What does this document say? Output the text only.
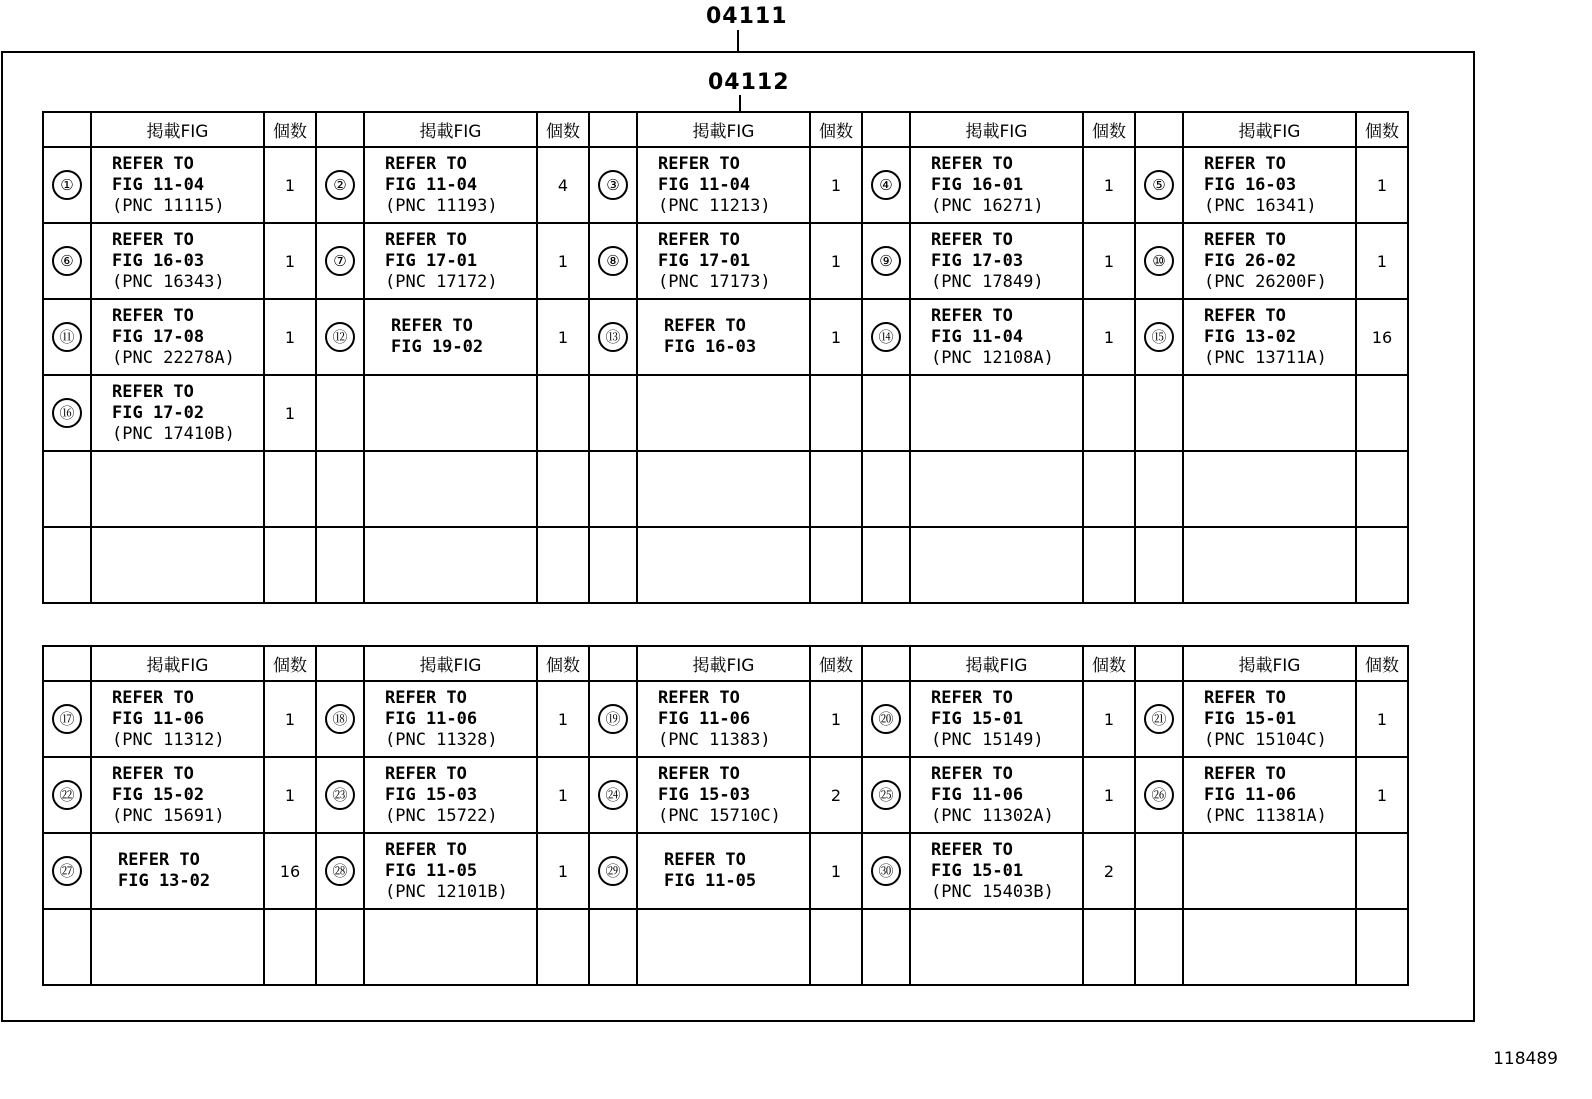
04111
04112
	掲載FIG	個数		掲載FIG	個数		掲載FIG	個数		掲載FIG	個数		掲載FIG	個数
①	REFER TO
FIG 11-04
(PNC 11115)	1	②	REFER TO
FIG 11-04
(PNC 11193)	4	③	REFER TO
FIG 11-04
(PNC 11213)	1	④	REFER TO
FIG 16-01
(PNC 16271)	1	⑤	REFER TO
FIG 16-03
(PNC 16341)	1
⑥	REFER TO
FIG 16-03
(PNC 16343)	1	⑦	REFER TO
FIG 17-01
(PNC 17172)	1	⑧	REFER TO
FIG 17-01
(PNC 17173)	1	⑨	REFER TO
FIG 17-03
(PNC 17849)	1	⑩	REFER TO
FIG 26-02
(PNC 26200F)	1
⑪	REFER TO
FIG 17-08
(PNC 22278A)	1	⑫	REFER TO
FIG 19-02	1	⑬	REFER TO
FIG 16-03	1	⑭	REFER TO
FIG 11-04
(PNC 12108A)	1	⑮	REFER TO
FIG 13-02
(PNC 13711A)	16
⑯	REFER TO
FIG 17-02
(PNC 17410B)	1												

	掲載FIG	個数		掲載FIG	個数		掲載FIG	個数		掲載FIG	個数		掲載FIG	個数
⑰	REFER TO
FIG 11-06
(PNC 11312)	1	⑱	REFER TO
FIG 11-06
(PNC 11328)	1	⑲	REFER TO
FIG 11-06
(PNC 11383)	1	⑳	REFER TO
FIG 15-01
(PNC 15149)	1	㉑	REFER TO
FIG 15-01
(PNC 15104C)	1
㉒	REFER TO
FIG 15-02
(PNC 15691)	1	㉓	REFER TO
FIG 15-03
(PNC 15722)	1	㉔	REFER TO
FIG 15-03
(PNC 15710C)	2	㉕	REFER TO
FIG 11-06
(PNC 11302A)	1	㉖	REFER TO
FIG 11-06
(PNC 11381A)	1
㉗	REFER TO
FIG 13-02	16	㉘	REFER TO
FIG 11-05
(PNC 12101B)	1	㉙	REFER TO
FIG 11-05	1	㉚	REFER TO
FIG 15-01
(PNC 15403B)	2			

118489
